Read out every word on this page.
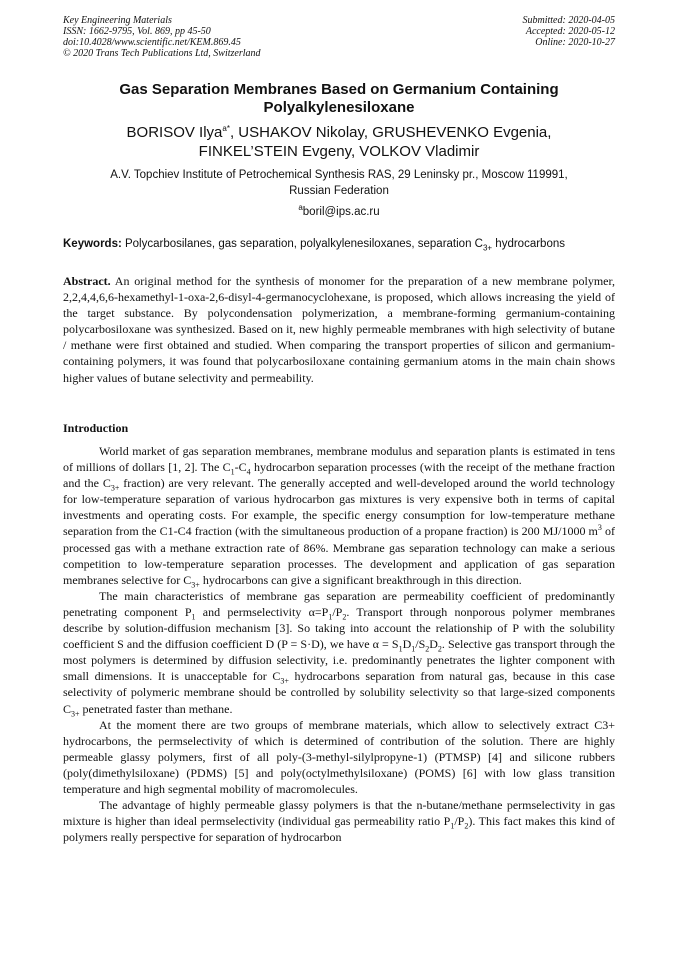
Key Engineering Materials
ISSN: 1662-9795, Vol. 869, pp 45-50
doi:10.4028/www.scientific.net/KEM.869.45
© 2020 Trans Tech Publications Ltd, Switzerland
Submitted: 2020-04-05
Accepted: 2020-05-12
Online: 2020-10-27
Gas Separation Membranes Based on Germanium Containing
Polyalkylenesiloxane
BORISOV Ilya$^{a*}$, USHAKOV Nikolay, GRUSHEVENKO Evgenia,
FINKEL’STEIN Evgeny, VOLKOV Vladimir
A.V. Topchiev Institute of Petrochemical Synthesis RAS, 29 Leninsky pr., Moscow 119991,
Russian Federation
$^a$boril@ips.ac.ru
Keywords: Polycarbosilanes, gas separation, polyalkylenesiloxanes, separation $C_{3+}$ hydrocarbons
Abstract. An original method for the synthesis of monomer for the preparation of a new membrane polymer, 2,2,4,4,6,6-hexamethyl-1-oxa-2,6-disyl-4-germanocyclohexane, is proposed, which allows increasing the yield of the target substance. By polycondensation polymerization, a membrane-forming germanium-containing polycarbosiloxane was synthesized. Based on it, new highly permeable membranes with high selectivity of butane / methane were first obtained and studied. When comparing the transport properties of silicon and germanium-containing polymers, it was found that polycarbosiloxane containing germanium atoms in the main chain shows higher values of butane selectivity and permeability.
Introduction

World market of gas separation membranes, membrane modulus and separation plants is estimated in tens of millions of dollars [1, 2]. The $C_1-C_4$ hydrocarbon separation processes (with the receipt of the methane fraction and the $C_{3+}$ fraction) are very relevant. The generally accepted and well-developed around the world technology for low-temperature separation of various hydrocarbon gas mixtures is very expensive both in terms of capital investments and operating costs. For example, the specific energy consumption for low-temperature methane separation from the C1-C4 fraction (with the simultaneous production of a propane fraction) is 200 MJ/1000 $m^3$ of processed gas with a methane extraction rate of 86%. Membrane gas separation technology can make a serious competition to low-temperature separation processes. The development and application of gas separation membranes selective for $C_{3+}$ hydrocarbons can give a significant breakthrough in this direction.

The main characteristics of membrane gas separation are permeability coefficient of predominantly penetrating component $P_1$ and permselectivity $\alpha=P_1/P_2$. Transport through nonporous polymer membranes describe by solution-diffusion mechanism [3]. So taking into account the relationship of P with the solubility coefficient S and the diffusion coefficient D (P = S·D), we have $\alpha = S_1D_1/S_2D_2$. Selective gas transport through the most polymers is determined by diffusion selectivity, i.e. predominantly penetrates the lighter component with small dimensions. It is unacceptable for $C_{3+}$ hydrocarbons separation from natural gas, because in this case selectivity of polymeric membrane should be controlled by solubility selectivity so that large-sized components $C_{3+}$ penetrated faster than methane.

At the moment there are two groups of membrane materials, which allow to selectively extract C3+ hydrocarbons, the permselectivity of which is determined of contribution of the solution. There are highly permeable glassy polymers, first of all poly-(3-methyl-silylpropyne-1) (PTMSP) [4] and silicone rubbers (poly(dimethylsiloxane) (PDMS) [5] and poly(octylmethylsiloxane) (POMS) [6] with low glass transition temperature and high segmental mobility of macromolecules.

The advantage of highly permeable glassy polymers is that the n-butane/methane permselectivity in gas mixture is higher than ideal permselectivity (individual gas permeability ratio $P_1/P_2$). This fact makes this kind of polymers really perspective for separation of hydrocarbon
